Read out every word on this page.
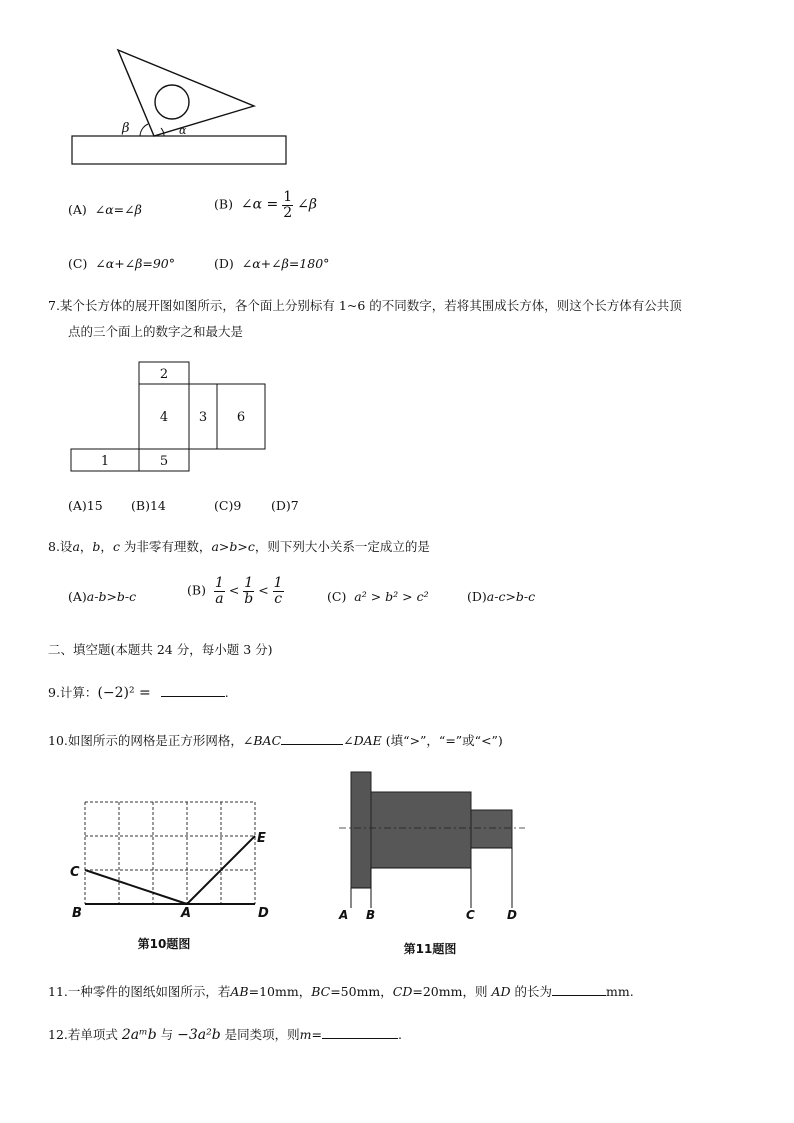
β	α
(A) ∠α=∠β	(B) ∠α = $\frac{1}{2}$ ∠β
(C) ∠α+∠β=90°	(D) ∠α+∠β=180°
7.某个长方体的展开图如图所示，各个面上分别标有 1~6 的不同数字，若将其围成长方体，则这个长方体有公共顶
点的三个面上的数字之和最大是
2
4 3 6
1	5
(A)15 (B)14	(C)9 (D)7
8.设a，b，c 为非零有理数，a>b>c，则下列大小关系一定成立的是
(A)a-b>b-c	$(B) \frac{1}{a} < \frac{1}{b} < \frac{1}{c}$	(C) a² > b² > c²	(D)a-c>b-c
二、填空题(本题共 24 分，每小题 3 分)
9.计算：(−2)² =	.
10.如图所示的网格是正方形网格，∠BAC	∠DAE (填“>”，“=”或“<”)
C
E
B	A	D
第10题图
A B	C	D
第11题图
11.一种零件的图纸如图所示，若AB=10mm，BC=50mm，CD=20mm，则 AD 的长为	mm.
12.若单项式 2aᵐb 与 −3a²b 是同类项，则m=	.
